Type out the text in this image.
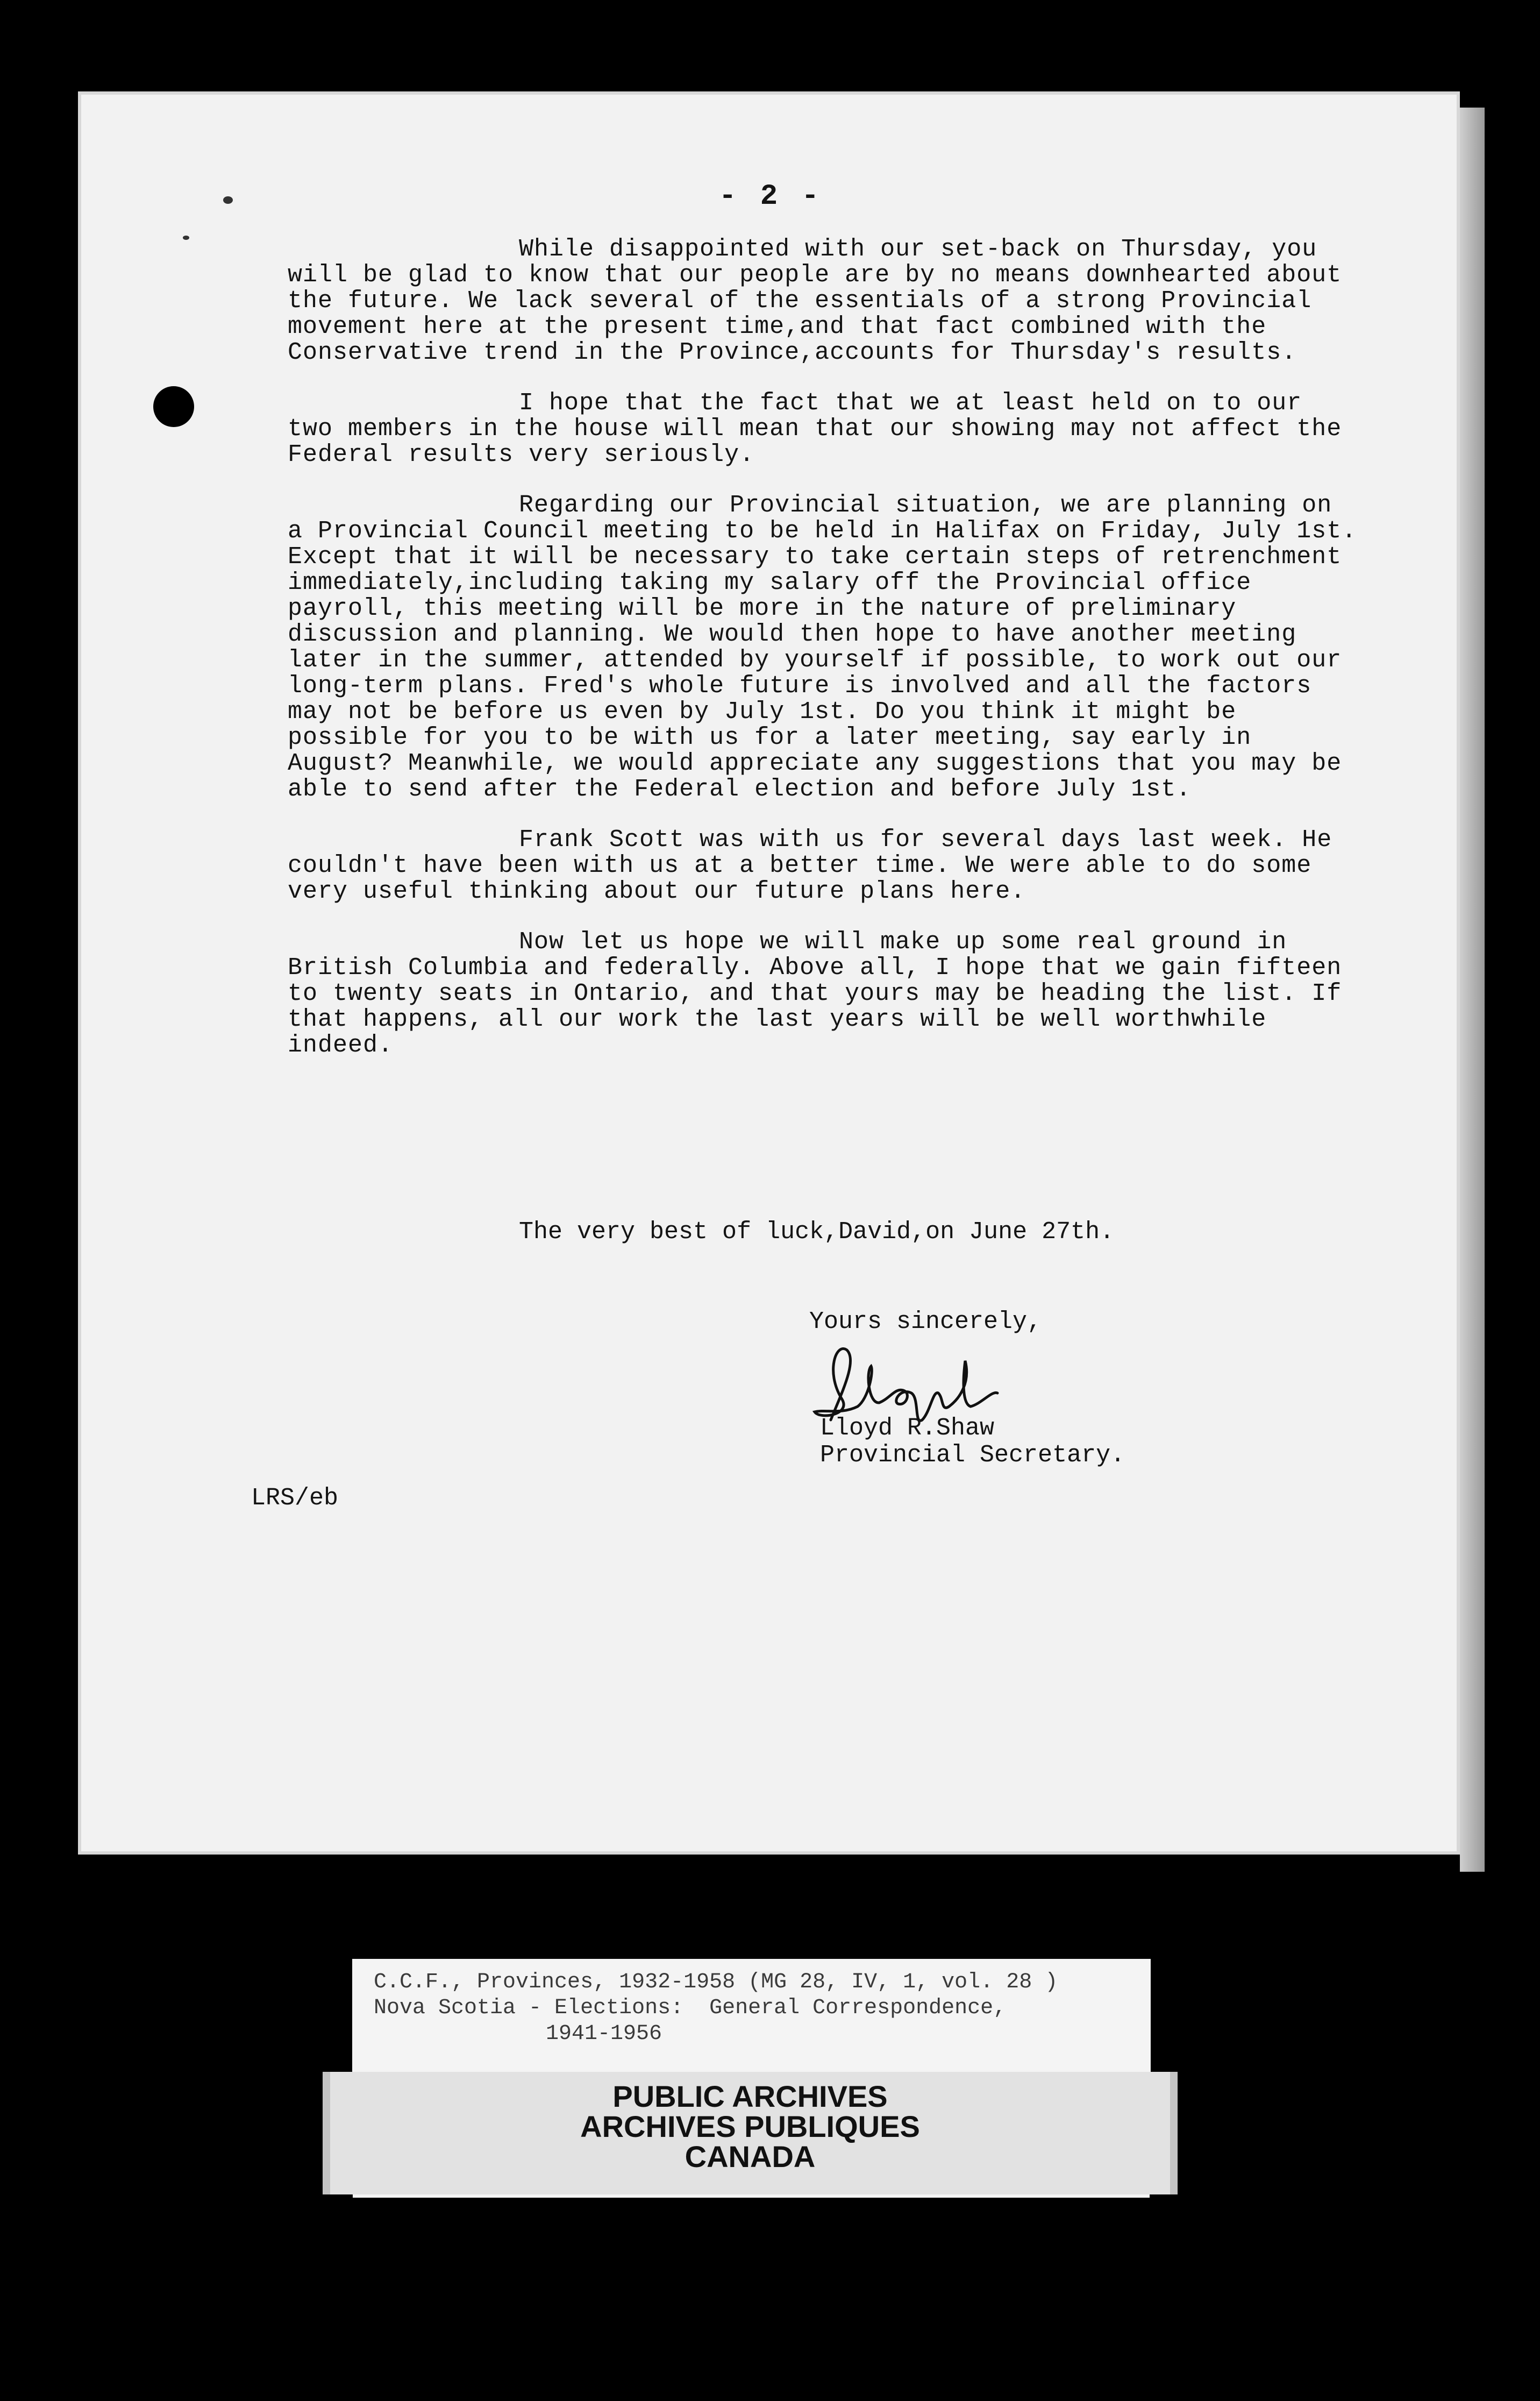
- 2 -

While disappointed with our set-back on Thursday, you will be glad to know that our people are by no means downhearted about the future. We lack several of the essentials of a strong Provincial movement here at the present time,and that fact combined with the Conservative trend in the Province,accounts for Thursday's results.

I hope that the fact that we at least held on to our two members in the house will mean that our showing may not affect the Federal results very seriously.

Regarding our Provincial situation, we are planning on a Provincial Council meeting to be held in Halifax on Friday, July 1st. Except that it will be necessary to take certain steps of retrenchment immediately,including taking my salary off the Provincial office payroll, this meeting will be more in the nature of preliminary discussion and planning. We would then hope to have another meeting later in the summer, attended by yourself if possible, to work out our long-term plans. Fred's whole future is involved and all the factors may not be before us even by July 1st. Do you think it might be possible for you to be with us for a later meeting, say early in August? Meanwhile, we would appreciate any suggestions that you may be able to send after the Federal election and before July 1st.

Frank Scott was with us for several days last week. He couldn't have been with us at a better time. We were able to do some very useful thinking about our future plans here.

Now let us hope we will make up some real ground in British Columbia and federally. Above all, I hope that we gain fifteen to twenty seats in Ontario, and that yours may be heading the list. If that happens, all our work the last years will be well worthwhile indeed.

The very best of luck,David,on June 27th.
Yours sincerely,
Lloyd R.Shaw
Provincial Secretary.
LRS/eb
C.C.F., Provinces, 1932-1958 (MG 28, IV, 1, vol. 28 )
Nova Scotia - Elections:  General Correspondence,
1941-1956
PUBLIC ARCHIVES
ARCHIVES PUBLIQUES
CANADA
